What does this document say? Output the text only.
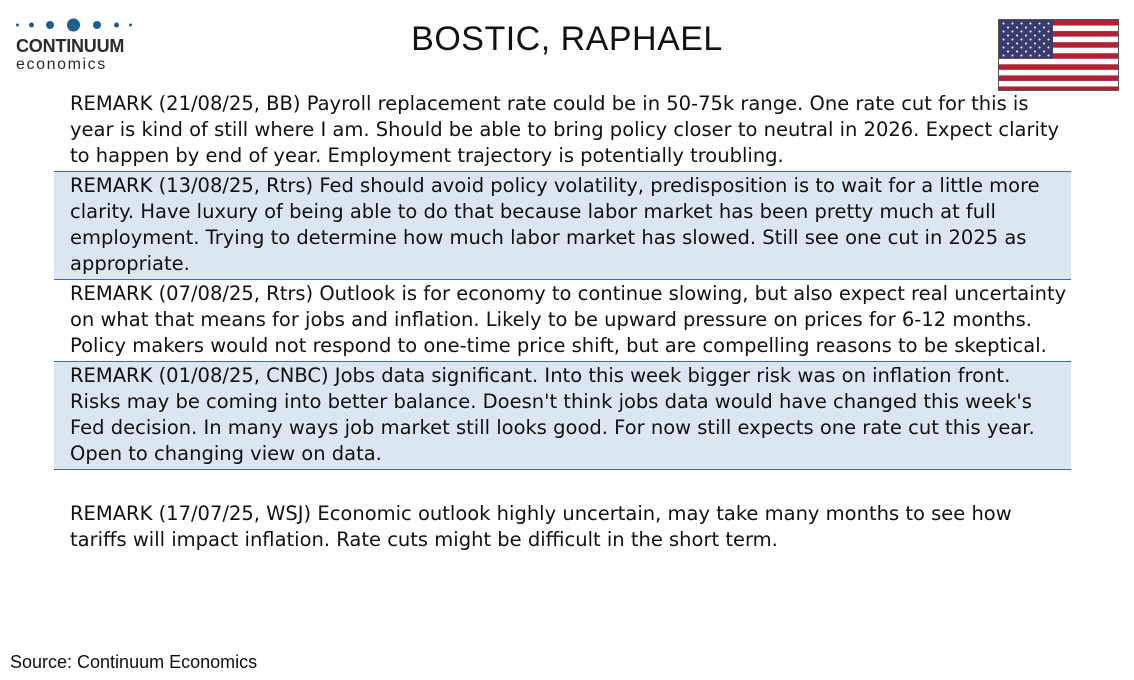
CONTINUUM
economics
BOSTIC, RAPHAEL
REMARK (21/08/25, BB) Payroll replacement rate could be in 50-75k range. One rate cut for this is year is kind of still where I am. Should be able to bring policy closer to neutral in 2026. Expect clarity to happen by end of year. Employment trajectory is potentially troubling.
REMARK (13/08/25, Rtrs) Fed should avoid policy volatility, predisposition is to wait for a little more clarity. Have luxury of being able to do that because labor market has been pretty much at full employment. Trying to determine how much labor market has slowed. Still see one cut in 2025 as appropriate.
REMARK (07/08/25, Rtrs) Outlook is for economy to continue slowing, but also expect real uncertainty on what that means for jobs and inflation. Likely to be upward pressure on prices for 6-12 months. Policy makers would not respond to one-time price shift, but are compelling reasons to be skeptical.
REMARK (01/08/25, CNBC) Jobs data significant. Into this week bigger risk was on inflation front. Risks may be coming into better balance. Doesn't think jobs data would have changed this week's Fed decision. In many ways job market still looks good. For now still expects one rate cut this year. Open to changing view on data.
REMARK (17/07/25, WSJ) Economic outlook highly uncertain, may take many months to see how tariffs will impact inflation. Rate cuts might be difficult in the short term.
Source: Continuum Economics
